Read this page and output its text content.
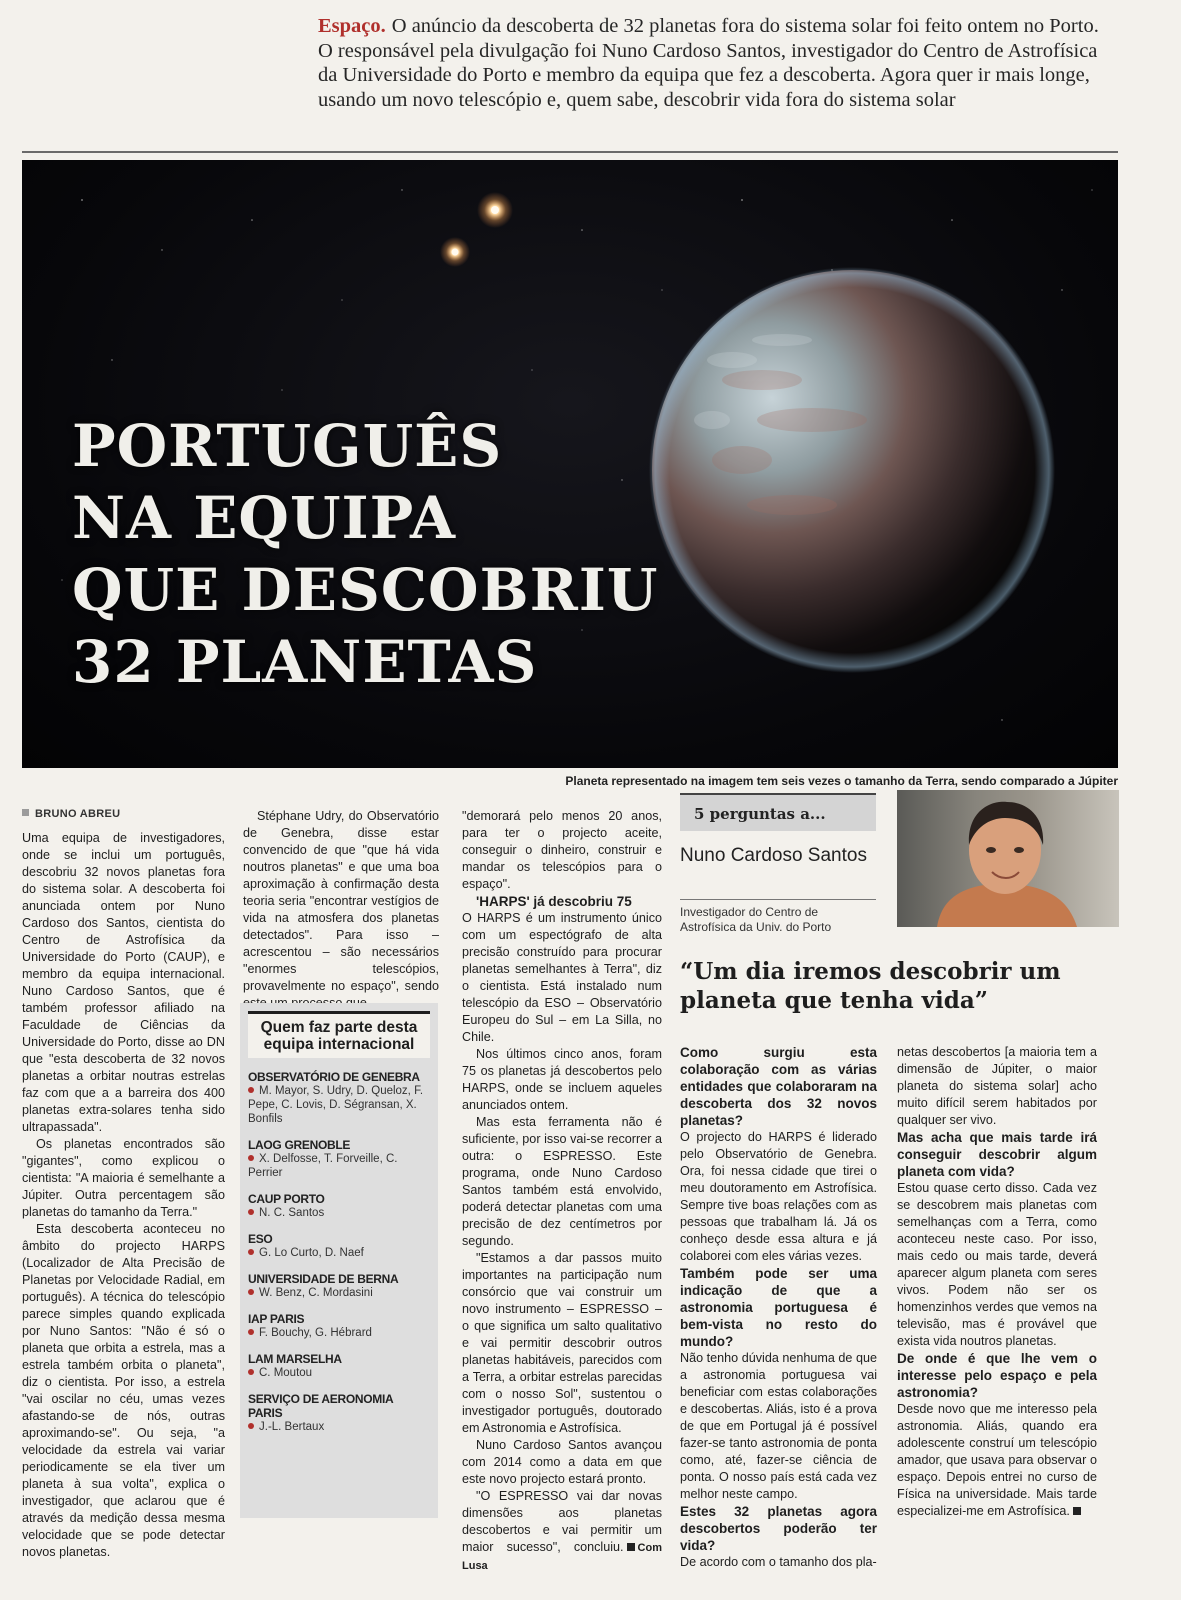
Espaço. O anúncio da descoberta de 32 planetas fora do sistema solar foi feito ontem no Porto. O responsável pela divulgação foi Nuno Cardoso Santos, investigador do Centro de Astrofísica da Universidade do Porto e membro da equipa que fez a descoberta. Agora quer ir mais longe, usando um novo telescópio e, quem sabe, descobrir vida fora do sistema solar
PORTUGUÊS
NA EQUIPA
QUE DESCOBRIU
32 PLANETAS
Planeta representado na imagem tem seis vezes o tamanho da Terra, sendo comparado a Júpiter
BRUNO ABREU

Uma equipa de investigadores, onde se inclui um português, descobriu 32 novos planetas fora do sistema solar. A descoberta foi anunciada ontem por Nuno Cardoso dos Santos, cientista do Centro de Astrofísica da Universidade do Porto (CAUP), e membro da equipa internacional. Nuno Cardoso Santos, que é também professor afiliado na Faculdade de Ciências da Universidade do Porto, disse ao DN que "esta descoberta de 32 novos planetas a orbitar noutras estrelas faz com que a a barreira dos 400 planetas extra-solares tenha sido ultrapassada".

Os planetas encontrados são "gigantes", como explicou o cientista: "A maioria é semelhante a Júpiter. Outra percentagem são planetas do tamanho da Terra."

Esta descoberta aconteceu no âmbito do projecto HARPS (Localizador de Alta Precisão de Planetas por Velocidade Radial, em português). A técnica do telescópio parece simples quando explicada por Nuno Santos: "Não é só o planeta que orbita a estrela, mas a estrela também orbita o planeta", diz o cientista. Por isso, a estrela "vai oscilar no céu, umas vezes afastando-se de nós, outras aproximando-se". Ou seja, "a velocidade da estrela vai variar periodicamente se ela tiver um planeta à sua volta", explica o investigador, que aclarou que é através da medição dessa mesma velocidade que se pode detectar novos planetas.

Stéphane Udry, do Observatório de Genebra, disse estar convencido de que "que há vida noutros planetas" e que uma boa aproximação à confirmação desta teoria seria "encontrar vestígios de vida na atmosfera dos planetas detectados". Para isso – acrescentou – são necessários "enormes telescópios, provavelmente no espaço", sendo

Quem faz parte desta equipa internacional
OBSERVATÓRIO DE GENEBRA
M. Mayor, S. Udry, D. Queloz, F. Pepe, C. Lovis, D. Ségransan, X. Bonfils
LAOG GRENOBLE
X. Delfosse, T. Forveille, C. Perrier
CAUP PORTO
N. C. Santos
ESO
G. Lo Curto, D. Naef
UNIVERSIDADE DE BERNA
W. Benz, C. Mordasini
IAP PARIS
F. Bouchy, G. Hébrard
LAM MARSELHA
C. Moutou
SERVIÇO DE AERONOMIA PARIS
J.-L. Bertaux

"demorará pelo menos 20 anos, para ter o projecto aceite, conseguir o dinheiro, construir e mandar os telescópios para o espaço".

'HARPS' já descobriu 75

O HARPS é um instrumento único com um espectógrafo de alta precisão construído para procurar planetas semelhantes à Terra", diz o cientista. Está instalado num telescópio da ESO – Observatório Europeu do Sul – em La Silla, no Chile.

Nos últimos cinco anos, foram 75 os planetas já descobertos pelo HARPS, onde se incluem aqueles anunciados ontem.

Mas esta ferramenta não é suficiente, por isso vai-se recorrer a outra: o ESPRESSO. Este programa, onde Nuno Cardoso Santos também está envolvido, poderá detectar planetas com uma precisão de dez centímetros por segundo.

"Estamos a dar passos muito importantes na participação num consórcio que vai construir um novo instrumento – ESPRESSO – o que significa um salto qualitativo e vai permitir descobrir outros planetas habitáveis, parecidos com a Terra, a orbitar estrelas parecidas com o nosso Sol", sustentou o investigador português, doutorado em Astronomia e Astrofísica.

Nuno Cardoso Santos avançou com 2014 como a data em que este novo projecto estará pronto.

"O ESPRESSO vai dar novas dimensões aos planetas descobertos e vai permitir um maior sucesso", concluiu. Com Lusa

5 perguntas a...
Nuno Cardoso Santos
Investigador do Centro de Astrofísica da Univ. do Porto
“Um dia iremos descobrir um planeta que tenha vida”

Como surgiu esta colaboração com as várias entidades que colaboraram na descoberta dos 32 novos planetas?

O projecto do HARPS é liderado pelo Observatório de Genebra. Ora, foi nessa cidade que tirei o meu doutoramento em Astrofísica. Sempre tive boas relações com as pessoas que trabalham lá. Já os conheço desde essa altura e já colaborei com eles várias vezes.

Também pode ser uma indicação de que a astronomia portuguesa é bem-vista no resto do mundo?

Não tenho dúvida nenhuma de que a astronomia portuguesa vai beneficiar com estas colaborações e descobertas. Aliás, isto é a prova de que em Portugal já é possível fazer-se tanto astronomia de ponta como, até, fazer-se ciência de ponta. O nosso país está cada vez melhor neste campo.

Estes 32 planetas agora descobertos poderão ter vida?

De acordo com o tamanho dos pla-

netas descobertos [a maioria tem a dimensão de Júpiter, o maior planeta do sistema solar] acho muito difícil serem habitados por qualquer ser vivo.

Mas acha que mais tarde irá conseguir descobrir algum planeta com vida?

Estou quase certo disso. Cada vez se descobrem mais planetas com semelhanças com a Terra, como aconteceu neste caso. Por isso, mais cedo ou mais tarde, deverá aparecer algum planeta com seres vivos. Podem não ser os homenzinhos verdes que vemos na televisão, mas é provável que exista vida noutros planetas.

De onde é que lhe vem o interesse pelo espaço e pela astronomia?

Desde novo que me interesso pela astronomia. Aliás, quando era adolescente construí um telescópio amador, que usava para observar o espaço. Depois entrei no curso de Física na universidade. Mais tarde especializei-me em Astrofísica.
